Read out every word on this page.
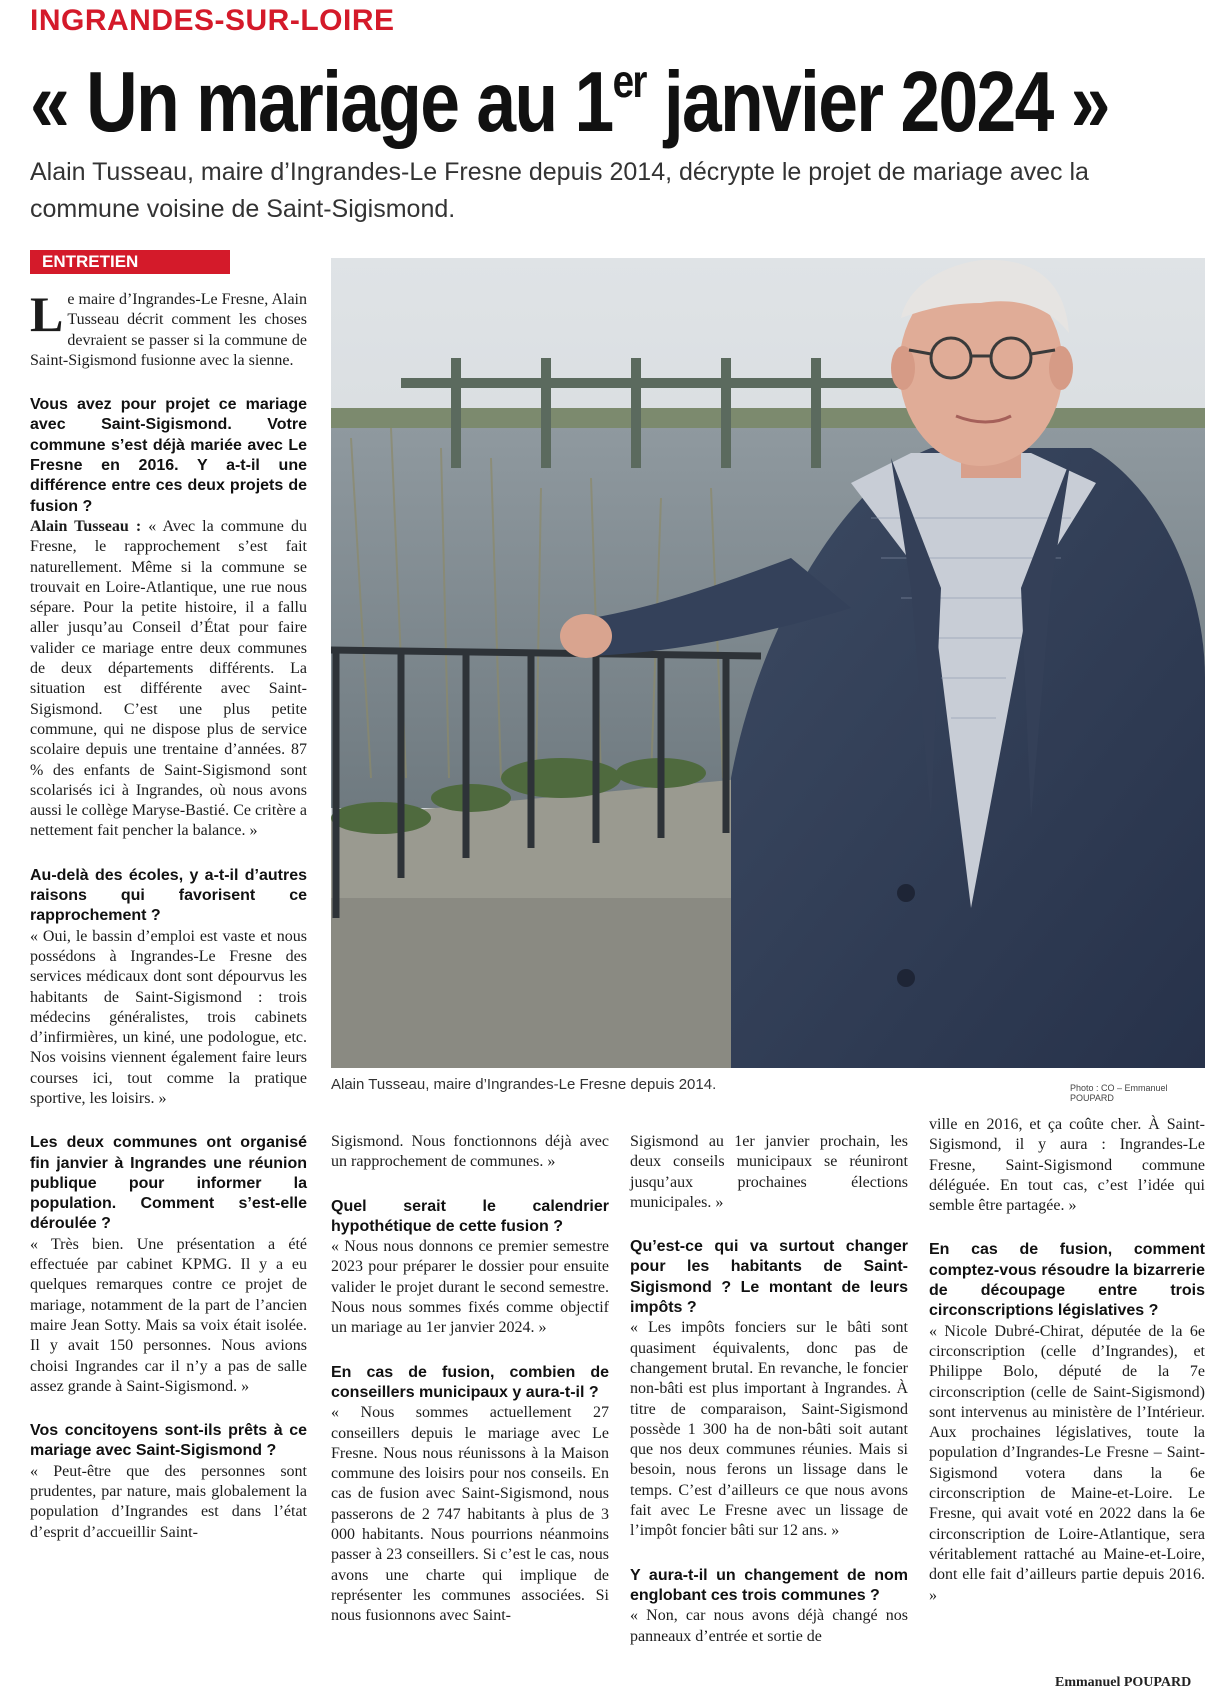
INGRANDES-SUR-LOIRE
« Un mariage au 1er janvier 2024 »
Alain Tusseau, maire d’Ingrandes-Le Fresne depuis 2014, décrypte le projet de mariage avec la commune voisine de Saint-Sigismond.
ENTRETIEN

Le maire d’Ingrandes-Le Fresne, Alain Tusseau décrit comment les choses devraient se passer si la commune de Saint-Sigismond fusionne avec la sienne.

Vous avez pour projet ce mariage avec Saint-Sigismond. Votre commune s’est déjà mariée avec Le Fresne en 2016. Y a-t-il une différence entre ces deux projets de fusion ?

Alain Tusseau : « Avec la commune du Fresne, le rapprochement s’est fait naturellement. Même si la commune se trouvait en Loire-Atlantique, une rue nous sépare. Pour la petite histoire, il a fallu aller jusqu’au Conseil d’État pour faire valider ce mariage entre deux communes de deux départements différents. La situation est différente avec Saint-Sigismond. C’est une plus petite commune, qui ne dispose plus de service scolaire depuis une trentaine d’années. 87 % des enfants de Saint-Sigismond sont scolarisés ici à Ingrandes, où nous avons aussi le collège Maryse-Bastié. Ce critère a nettement fait pencher la balance. »

Au-delà des écoles, y a-t-il d’autres raisons qui favorisent ce rapprochement ?

« Oui, le bassin d’emploi est vaste et nous possédons à Ingrandes-Le Fresne des services médicaux dont sont dépourvus les habitants de Saint-Sigismond : trois médecins généralistes, trois cabinets d’infirmières, un kiné, une podologue, etc. Nos voisins viennent également faire leurs courses ici, tout comme la pratique sportive, les loisirs. »

Les deux communes ont organisé fin janvier à Ingrandes une réunion publique pour informer la population. Comment s’est-elle déroulée ?

« Très bien. Une présentation a été effectuée par cabinet KPMG. Il y a eu quelques remarques contre ce projet de mariage, notamment de la part de l’ancien maire Jean Sotty. Mais sa voix était isolée. Il y avait 150 personnes. Nous avions choisi Ingrandes car il n’y a pas de salle assez grande à Saint-Sigismond. »

Vos concitoyens sont-ils prêts à ce mariage avec Saint-Sigismond ?

« Peut-être que des personnes sont prudentes, par nature, mais globalement la population d’Ingrandes est dans l’état d’esprit d’accueillir Saint-

Alain Tusseau, maire d’Ingrandes-Le Fresne depuis 2014.	Photo : CO – Emmanuel POUPARD

Sigismond. Nous fonctionnons déjà avec un rapprochement de communes. »

Quel serait le calendrier hypothétique de cette fusion ?

« Nous nous donnons ce premier semestre 2023 pour préparer le dossier pour ensuite valider le projet durant le second semestre. Nous nous sommes fixés comme objectif un mariage au 1er janvier 2024. »

En cas de fusion, combien de conseillers municipaux y aura-t-il ?

« Nous sommes actuellement 27 conseillers depuis le mariage avec Le Fresne. Nous nous réunissons à la Maison commune des loisirs pour nos conseils. En cas de fusion avec Saint-Sigismond, nous passerons de 2 747 habitants à plus de 3 000 habitants. Nous pourrions néanmoins passer à 23 conseillers. Si c’est le cas, nous avons une charte qui implique de représenter les communes associées. Si nous fusionnons avec Saint-

Sigismond au 1er janvier prochain, les deux conseils municipaux se réuniront jusqu’aux prochaines élections municipales. »

Qu’est-ce qui va surtout changer pour les habitants de Saint-Sigismond ? Le montant de leurs impôts ?

« Les impôts fonciers sur le bâti sont quasiment équivalents, donc pas de changement brutal. En revanche, le foncier non-bâti est plus important à Ingrandes. À titre de comparaison, Saint-Sigismond possède 1 300 ha de non-bâti soit autant que nos deux communes réunies. Mais si besoin, nous ferons un lissage dans le temps. C’est d’ailleurs ce que nous avons fait avec Le Fresne avec un lissage de l’impôt foncier bâti sur 12 ans. »

Y aura-t-il un changement de nom englobant ces trois communes ?

« Non, car nous avons déjà changé nos panneaux d’entrée et sortie de

ville en 2016, et ça coûte cher. À Saint-Sigismond, il y aura : Ingrandes-Le Fresne, Saint-Sigismond commune déléguée. En tout cas, c’est l’idée qui semble être partagée. »

En cas de fusion, comment comptez-vous résoudre la bizarrerie de découpage entre trois circonscriptions législatives ?

« Nicole Dubré-Chirat, députée de la 6e circonscription (celle d’Ingrandes), et Philippe Bolo, député de la 7e circonscription (celle de Saint-Sigismond) sont intervenus au ministère de l’Intérieur. Aux prochaines législatives, toute la population d’Ingrandes-Le Fresne – Saint-Sigismond votera dans la 6e circonscription de Maine-et-Loire. Le Fresne, qui avait voté en 2022 dans la 6e circonscription de Loire-Atlantique, sera véritablement rattaché au Maine-et-Loire, dont elle fait d’ailleurs partie depuis 2016. »

Emmanuel POUPARD
